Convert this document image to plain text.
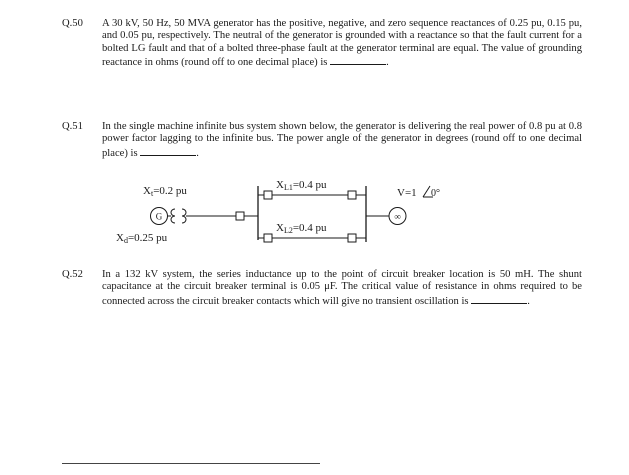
Q.50	A 30 kV, 50 Hz, 50 MVA generator has the positive, negative, and zero sequence reactances of 0.25 pu, 0.15 pu, and 0.05 pu, respectively. The neutral of the generator is grounded with a reactance so that the fault current for a bolted LG fault and that of a bolted three-phase fault at the generator terminal are equal. The value of grounding reactance in ohms (round off to one decimal place) is	.
Q.51	In the single machine infinite bus system shown below, the generator is delivering the real power of 0.8 pu at 0.8 power factor lagging to the infinite bus. The power angle of the generator in degrees (round off to one decimal place) is	.
G	∞
Xt=0.2 pu
Xd=0.25 pu
XL1=0.4 pu
XL2=0.4 pu
V=1 0°
Q.52	In a 132 kV system, the series inductance up to the point of circuit breaker location is 50 mH. The shunt capacitance at the circuit breaker terminal is 0.05 μF. The critical value of resistance in ohms required to be connected across the circuit breaker contacts which will give no transient oscillation is	.
